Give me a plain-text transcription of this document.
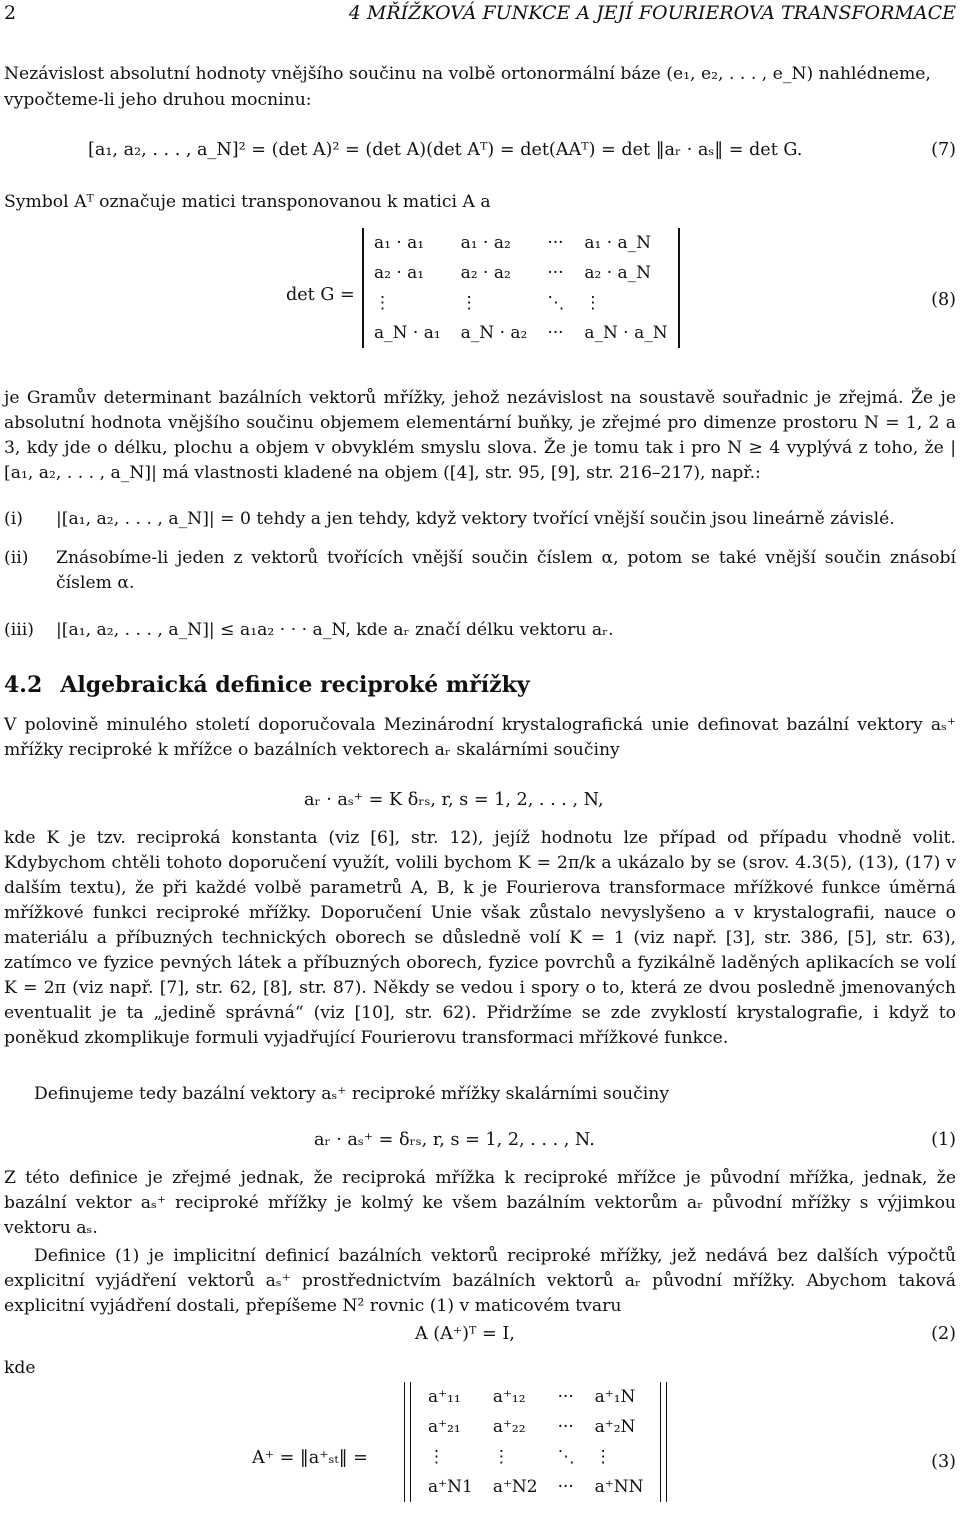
2	4 MŘÍŽKOVÁ FUNKCE A JEJÍ FOURIEROVA TRANSFORMACE
Nezávislost absolutní hodnoty vnějšího součinu na volbě ortonormální báze (e₁, e₂, . . . , e_N) nahlédneme,
vypočteme-li jeho druhou mocninu:
[a₁, a₂, . . . , a_N]² = (det A)² = (det A)(det Aᵀ) = det(AAᵀ) = det ‖aᵣ · aₛ‖ = det G.	(7)
Symbol Aᵀ označuje matici transponovanou k matici A a
det G =
a₁ · a₁	a₁ · a₂	···	a₁ · a_N
a₂ · a₁	a₂ · a₂	···	a₂ · a_N
⋮	⋮	⋱	⋮
a_N · a₁	a_N · a₂	···	a_N · a_N
(8)
je Gramův determinant bazálních vektorů mřížky, jehož nezávislost na soustavě souřadnic je zřejmá. Že je absolutní hodnota vnějšího součinu objemem elementární buňky, je zřejmé pro dimenze prostoru N = 1, 2 a 3, kdy jde o délku, plochu a objem v obvyklém smyslu slova. Že je tomu tak i pro N ≥ 4 vyplývá z toho, že |[a₁, a₂, . . . , a_N]| má vlastnosti kladené na objem ([4], str. 95, [9], str. 216–217), např.:
(i) |[a₁, a₂, . . . , a_N]| = 0 tehdy a jen tehdy, když vektory tvořící vnější součin jsou lineárně závislé.
(ii) Znásobíme-li jeden z vektorů tvořících vnější součin číslem α, potom se také vnější součin znásobí číslem α.
(iii) |[a₁, a₂, . . . , a_N]| ≤ a₁a₂ · · · a_N, kde aᵣ značí délku vektoru aᵣ.
4.2 Algebraická definice reciproké mřížky
V polovině minulého století doporučovala Mezinárodní krystalografická unie definovat bazální vektory aₛ⁺ mřížky reciproké k mřížce o bazálních vektorech aᵣ skalárními součiny
aᵣ · aₛ⁺ = K δᵣₛ, r, s = 1, 2, . . . , N,
kde K je tzv. reciproká konstanta (viz [6], str. 12), jejíž hodnotu lze případ od případu vhodně volit. Kdybychom chtěli tohoto doporučení využít, volili bychom K = 2π/k a ukázalo by se (srov. 4.3(5), (13), (17) v dalším textu), že při každé volbě parametrů A, B, k je Fourierova transformace mřížkové funkce úměrná mřížkové funkci reciproké mřížky. Doporučení Unie však zůstalo nevyslyšeno a v krystalografii, nauce o materiálu a příbuzných technických oborech se důsledně volí K = 1 (viz např. [3], str. 386, [5], str. 63), zatímco ve fyzice pevných látek a příbuzných oborech, fyzice povrchů a fyzikálně laděných aplikacích se volí K = 2π (viz např. [7], str. 62, [8], str. 87). Někdy se vedou i spory o to, která ze dvou posledně jmenovaných eventualit je ta „jedině správná“ (viz [10], str. 62). Přidržíme se zde zvyklostí krystalografie, i když to poněkud zkomplikuje formuli vyjadřující Fourierovu transformaci mřížkové funkce.
Definujeme tedy bazální vektory aₛ⁺ reciproké mřížky skalárními součiny
aᵣ · aₛ⁺ = δᵣₛ, r, s = 1, 2, . . . , N.	(1)
Z této definice je zřejmé jednak, že reciproká mřížka k reciproké mřížce je původní mřížka, jednak, že bazální vektor aₛ⁺ reciproké mřížky je kolmý ke všem bazálním vektorům aᵣ původní mřížky s výjimkou vektoru aₛ.
Definice (1) je implicitní definicí bazálních vektorů reciproké mřížky, jež nedává bez dalších výpočtů explicitní vyjádření vektorů aₛ⁺ prostřednictvím bazálních vektorů aᵣ původní mřížky. Abychom taková explicitní vyjádření dostali, přepíšeme N² rovnic (1) v maticovém tvaru
A (A⁺)ᵀ = I,	(2)
kde
A⁺ = ‖a⁺ₛₜ‖ =
a⁺₁₁	a⁺₁₂	···	a⁺₁N
a⁺₂₁	a⁺₂₂	···	a⁺₂N
⋮	⋮	⋱	⋮
a⁺N1	a⁺N2	···	a⁺NN
(3)
